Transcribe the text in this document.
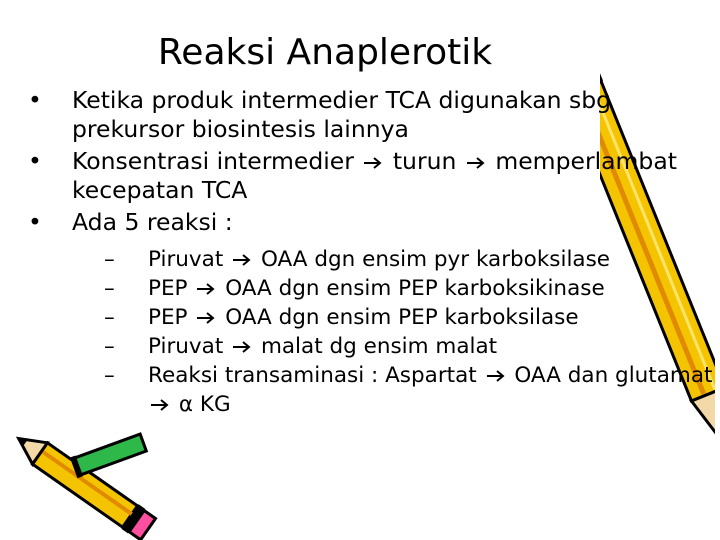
Reaksi Anaplerotik
• Ketika produk intermedier TCA digunakan sbg prekursor biosintesis lainnya
• Konsentrasi intermedier  turun  memperlambat kecepatan TCA
• Ada 5 reaksi :
– Piruvat  OAA dgn ensim pyr karboksilase
– PEP  OAA dgn ensim PEP karboksikinase
– PEP  OAA dgn ensim PEP karboksilase
– Piruvat  malat dg ensim malat
– Reaksi transaminasi : Aspartat  OAA dan glutamat  α KG
